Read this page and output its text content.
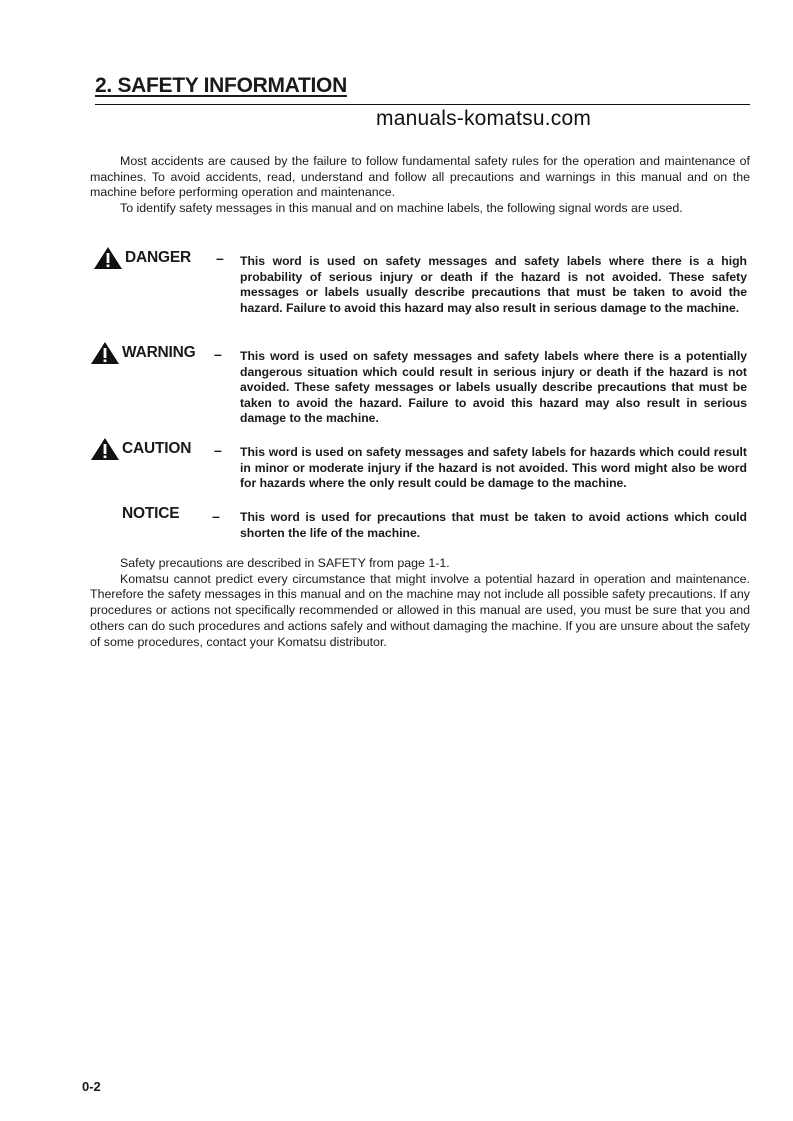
2. SAFETY INFORMATION
manuals-komatsu.com

Most accidents are caused by the failure to follow fundamental safety rules for the operation and maintenance of machines. To avoid accidents, read, understand and follow all precautions and warnings in this manual and on the machine before performing operation and maintenance.

To identify safety messages in this manual and on machine labels, the following signal words are used.

DANGER – This word is used on safety messages and safety labels where there is a high probability of serious injury or death if the hazard is not avoided. These safety messages or labels usually describe precautions that must be taken to avoid the hazard. Failure to avoid this hazard may also result in serious damage to the machine.
WARNING – This word is used on safety messages and safety labels where there is a potentially dangerous situation which could result in serious injury or death if the hazard is not avoided. These safety messages or labels usually describe precautions that must be taken to avoid the hazard. Failure to avoid this hazard may also result in serious damage to the machine.
CAUTION – This word is used on safety messages and safety labels for hazards which could result in minor or moderate injury if the hazard is not avoided. This word might also be word for hazards where the only result could be damage to the machine.
NOTICE – This word is used for precautions that must be taken to avoid actions which could shorten the life of the machine.

Safety precautions are described in SAFETY from page 1-1.

Komatsu cannot predict every circumstance that might involve a potential hazard in operation and maintenance. Therefore the safety messages in this manual and on the machine may not include all possible safety precautions. If any procedures or actions not specifically recommended or allowed in this manual are used, you must be sure that you and others can do such procedures and actions safely and without damaging the machine. If you are unsure about the safety of some procedures, contact your Komatsu distributor.

0-2
